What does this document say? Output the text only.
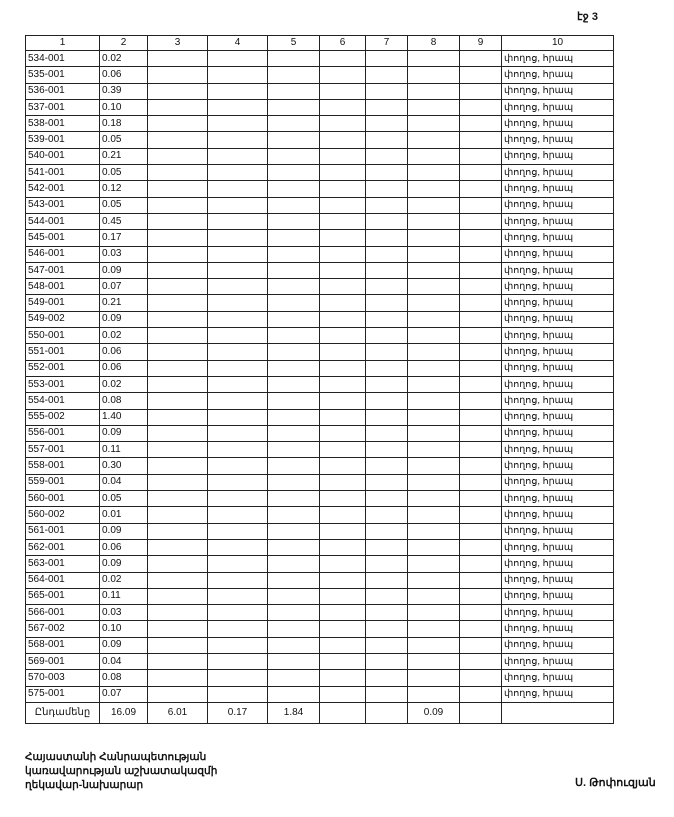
էջ 3
1	2	3	4	5	6	7	8	9	10
534-001	0.02								փողոց, հրապ
535-001	0.06								փողոց, հրապ
536-001	0.39								փողոց, հրապ
537-001	0.10								փողոց, հրապ
538-001	0.18								փողոց, հրապ
539-001	0.05								փողոց, հրապ
540-001	0.21								փողոց, հրապ
541-001	0.05								փողոց, հրապ
542-001	0.12								փողոց, հրապ
543-001	0.05								փողոց, հրապ
544-001	0.45								փողոց, հրապ
545-001	0.17								փողոց, հրապ
546-001	0.03								փողոց, հրապ
547-001	0.09								փողոց, հրապ
548-001	0.07								փողոց, հրապ
549-001	0.21								փողոց, հրապ
549-002	0.09								փողոց, հրապ
550-001	0.02								փողոց, հրապ
551-001	0.06								փողոց, հրապ
552-001	0.06								փողոց, հրապ
553-001	0.02								փողոց, հրապ
554-001	0.08								փողոց, հրապ
555-002	1.40								փողոց, հրապ
556-001	0.09								փողոց, հրապ
557-001	0.11								փողոց, հրապ
558-001	0.30								փողոց, հրապ
559-001	0.04								փողոց, հրապ
560-001	0.05								փողոց, հրապ
560-002	0.01								փողոց, հրապ
561-001	0.09								փողոց, հրապ
562-001	0.06								փողոց, հրապ
563-001	0.09								փողոց, հրապ
564-001	0.02								փողոց, հրապ
565-001	0.11								փողոց, հրապ
566-001	0.03								փողոց, հրապ
567-002	0.10								փողոց, հրապ
568-001	0.09								փողոց, հրապ
569-001	0.04								փողոց, հրապ
570-003	0.08								փողոց, հրապ
575-001	0.07								փողոց, հրապ
Ընդամենը	16.09	6.01	0.17	1.84			0.09		
Հայաստանի Հանրապետության
կառավարության աշխատակազմի
ղեկավար-նախարար	Ս. Թոփուզյան
